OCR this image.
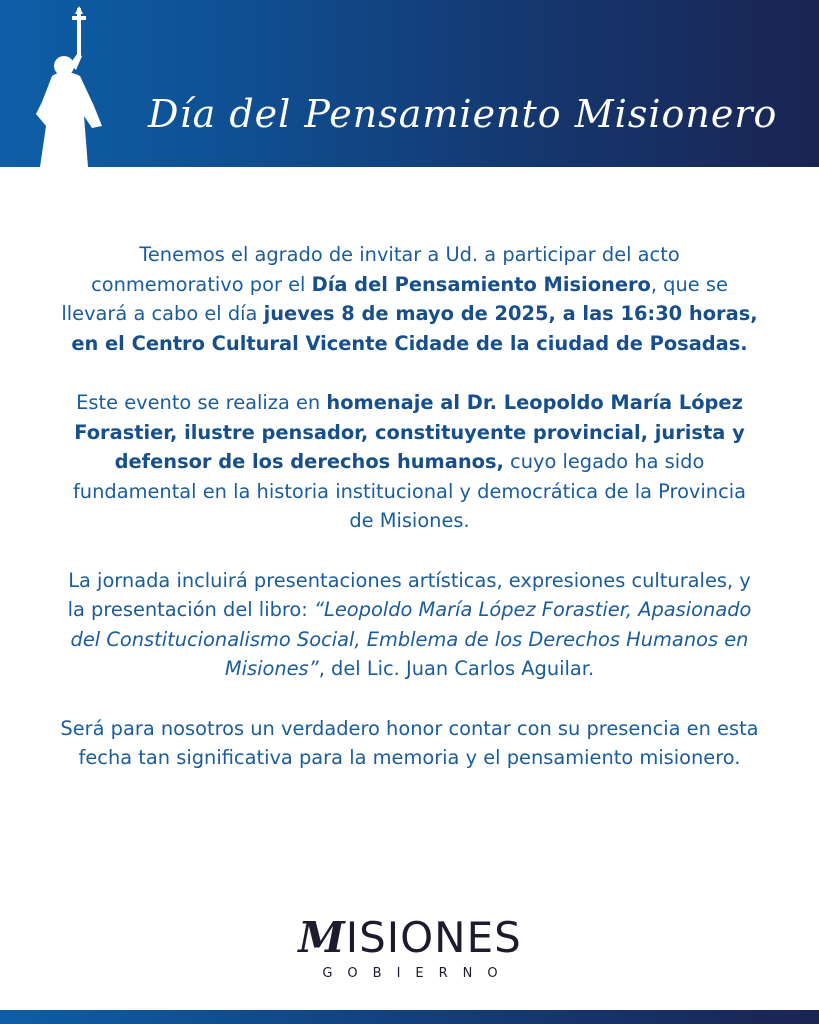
Día del Pensamiento Misionero

Tenemos el agrado de invitar a Ud. a participar del acto conmemorativo por el Día del Pensamiento Misionero, que se llevará a cabo el día jueves 8 de mayo de 2025, a las 16:30 horas, en el Centro Cultural Vicente Cidade de la ciudad de Posadas.

Este evento se realiza en homenaje al Dr. Leopoldo María López Forastier, ilustre pensador, constituyente provincial, jurista y defensor de los derechos humanos, cuyo legado ha sido fundamental en la historia institucional y democrática de la Provincia de Misiones.

La jornada incluirá presentaciones artísticas, expresiones culturales, y la presentación del libro: “Leopoldo María López Forastier, Apasionado del Constitucionalismo Social, Emblema de los Derechos Humanos en Misiones”, del Lic. Juan Carlos Aguilar.

Será para nosotros un verdadero honor contar con su presencia en esta fecha tan significativa para la memoria y el pensamiento misionero.

MISIONES
GOBIERNO
